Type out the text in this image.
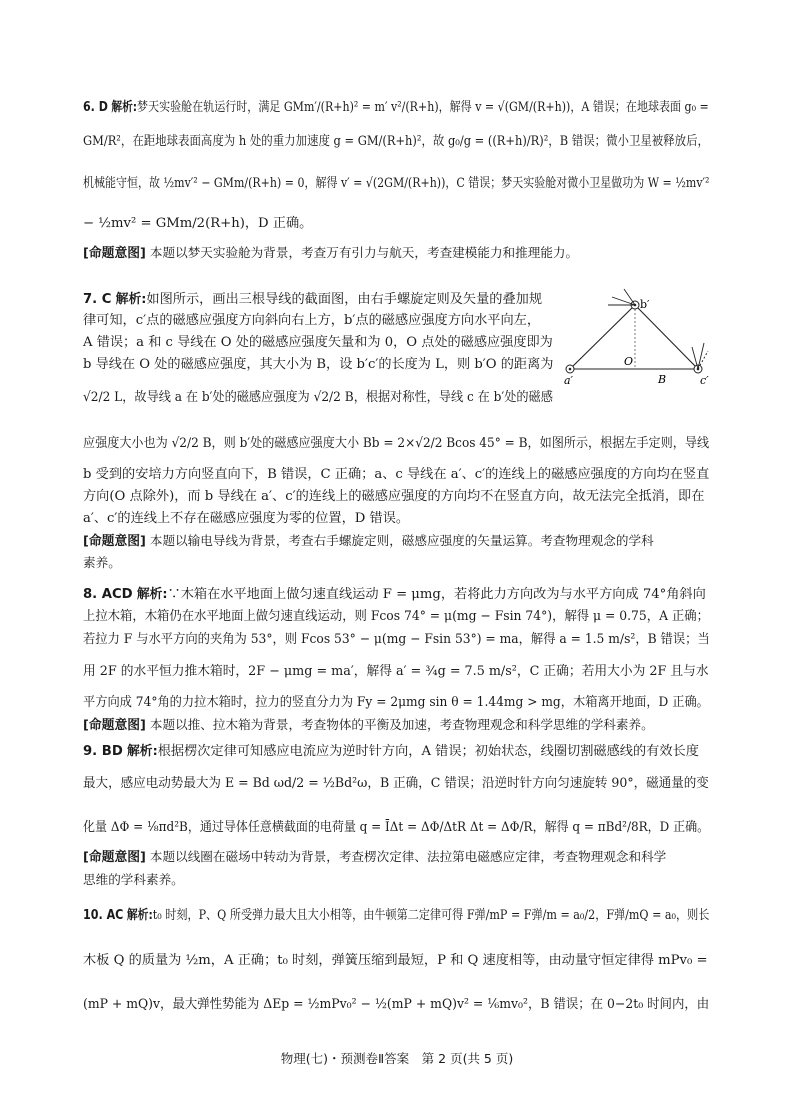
6. D 解析:梦天实验舱在轨运行时，满足 GMm′/(R+h)² = m′ v²/(R+h)，解得 v = √(GM/(R+h))，A 错误；在地球表面 g₀ =
GM/R²，在距地球表面高度为 h 处的重力加速度 g = GM/(R+h)²，故 g₀/g = ((R+h)/R)²，B 错误；微小卫星被释放后，
机械能守恒，故 ½mv′² − GMm/(R+h) = 0，解得 v′ = √(2GM/(R+h))，C 错误；梦天实验舱对微小卫星做功为 W = ½mv′²
− ½mv² = GMm/2(R+h)，D 正确。
[命题意图] 本题以梦天实验舱为背景，考查万有引力与航天，考查建模能力和推理能力。
7. C 解析:如图所示，画出三根导线的截面图，由右手螺旋定则及矢量的叠加规
律可知，c′点的磁感应强度方向斜向右上方，b′点的磁感应强度方向水平向左，
A 错误；a 和 c 导线在 O 处的磁感应强度矢量和为 0，O 点处的磁感应强度即为
b 导线在 O 处的磁感应强度，其大小为 B，设 b′c′的长度为 L，则 b′O 的距离为
√2/2 L，故导线 a 在 b′处的磁感应强度为 √2/2 B，根据对称性，导线 c 在 b′处的磁感
应强度大小也为 √2/2 B，则 b′处的磁感应强度大小 Bb = 2×√2/2 Bcos 45° = B，如图所示，根据左手定则，导线
b 受到的安培力方向竖直向下，B 错误，C 正确；a、c 导线在 a′、c′的连线上的磁感应强度的方向均在竖直
方向(O 点除外)，而 b 导线在 a′、c′的连线上的磁感应强度的方向均不在竖直方向，故无法完全抵消，即在
a′、c′的连线上不存在磁感应强度为零的位置，D 错误。
[命题意图] 本题以输电导线为背景，考查右手螺旋定则，磁感应强度的矢量运算。考查物理观念的学科
素养。
b′
a′	c′
O
B
8. ACD 解析:∵木箱在水平地面上做匀速直线运动 F = μmg，若将此力方向改为与水平方向成 74°角斜向
上拉木箱，木箱仍在水平地面上做匀速直线运动，则 Fcos 74° = μ(mg − Fsin 74°)，解得 μ = 0.75，A 正确；
若拉力 F 与水平方向的夹角为 53°，则 Fcos 53° − μ(mg − Fsin 53°) = ma，解得 a = 1.5 m/s²，B 错误；当
用 2F 的水平恒力推木箱时，2F − μmg = ma′，解得 a′ = ¾g = 7.5 m/s²，C 正确；若用大小为 2F 且与水
平方向成 74°角的力拉木箱时，拉力的竖直分力为 Fy = 2μmg sin θ = 1.44mg > mg，木箱离开地面，D 正确。
[命题意图] 本题以推、拉木箱为背景，考查物体的平衡及加速，考查物理观念和科学思维的学科素养。
9. BD 解析:根据楞次定律可知感应电流应为逆时针方向，A 错误；初始状态，线圈切割磁感线的有效长度
最大，感应电动势最大为 E = Bd ωd/2 = ½Bd²ω，B 正确，C 错误；沿逆时针方向匀速旋转 90°，磁通量的变
化量 ΔΦ = ⅛πd²B，通过导体任意横截面的电荷量 q = ĪΔt = ΔΦ/ΔtR Δt = ΔΦ/R，解得 q = πBd²/8R，D 正确。
[命题意图] 本题以线圈在磁场中转动为背景，考查楞次定律、法拉第电磁感应定律，考查物理观念和科学
思维的学科素养。
10. AC 解析:t₀ 时刻，P、Q 所受弹力最大且大小相等，由牛顿第二定律可得 F弹/mP = F弹/m = a₀/2，F弹/mQ = a₀，则长
木板 Q 的质量为 ½m，A 正确；t₀ 时刻，弹簧压缩到最短，P 和 Q 速度相等，由动量守恒定律得 mPv₀ =
(mP + mQ)v，最大弹性势能为 ΔEp = ½mPv₀² − ½(mP + mQ)v² = ⅙mv₀²，B 错误；在 0−2t₀ 时间内，由
物理(七)・预测卷Ⅱ答案　第 2 页(共 5 页)
